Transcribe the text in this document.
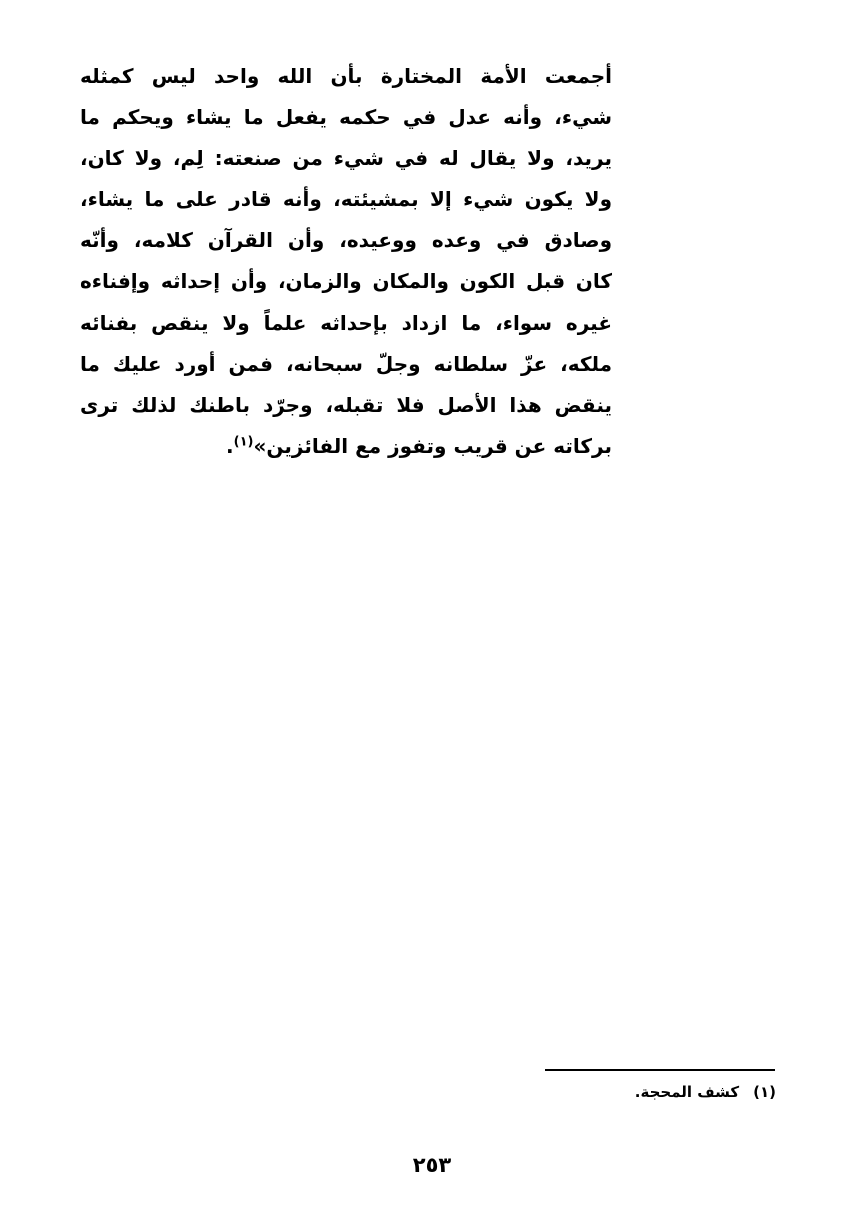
أجمعت الأمة المختارة بأن الله واحد ليس كمثله
شيء، وأنه عدل في حكمه يفعل ما يشاء ويحكم ما
يريد، ولا يقال له في شيء من صنعته: لِم، ولا كان،
ولا يكون شيء إلا بمشيئته، وأنه قادر على ما يشاء،
وصادق في وعده ووعيده، وأن القرآن كلامه، وأنّه
كان قبل الكون والمكان والزمان، وأن إحداثه وإفناءه
غيره سواء، ما ازداد بإحداثه علماً ولا ينقص بفنائه
ملكه، عزّ سلطانه وجلّ سبحانه، فمن أورد عليك ما
ينقض هذا الأصل فلا تقبله، وجرّد باطنك لذلك ترى
بركاته عن قريب وتفوز مع الفائزين»$^{(١)}$.
(١)كشف المحجة.
٢٥٣
